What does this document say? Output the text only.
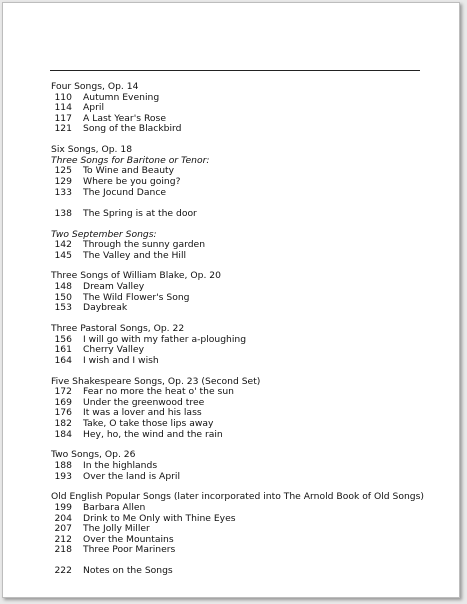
Four Songs, Op. 14
110 Autumn Evening
114 April
117 A Last Year's Rose
121 Song of the Blackbird
Six Songs, Op. 18
Three Songs for Baritone or Tenor:
125 To Wine and Beauty
129 Where be you going?
133 The Jocund Dance
138 The Spring is at the door
Two September Songs:
142 Through the sunny garden
145 The Valley and the Hill
Three Songs of William Blake, Op. 20
148 Dream Valley
150 The Wild Flower's Song
153 Daybreak
Three Pastoral Songs, Op. 22
156 I will go with my father a-ploughing
161 Cherry Valley
164 I wish and I wish
Five Shakespeare Songs, Op. 23 (Second Set)
172 Fear no more the heat o' the sun
169 Under the greenwood tree
176 It was a lover and his lass
182 Take, O take those lips away
184 Hey, ho, the wind and the rain
Two Songs, Op. 26
188 In the highlands
193 Over the land is April
Old English Popular Songs (later incorporated into The Arnold Book of Old Songs)
199 Barbara Allen
204 Drink to Me Only with Thine Eyes
207 The Jolly Miller
212 Over the Mountains
218 Three Poor Mariners
222 Notes on the Songs
